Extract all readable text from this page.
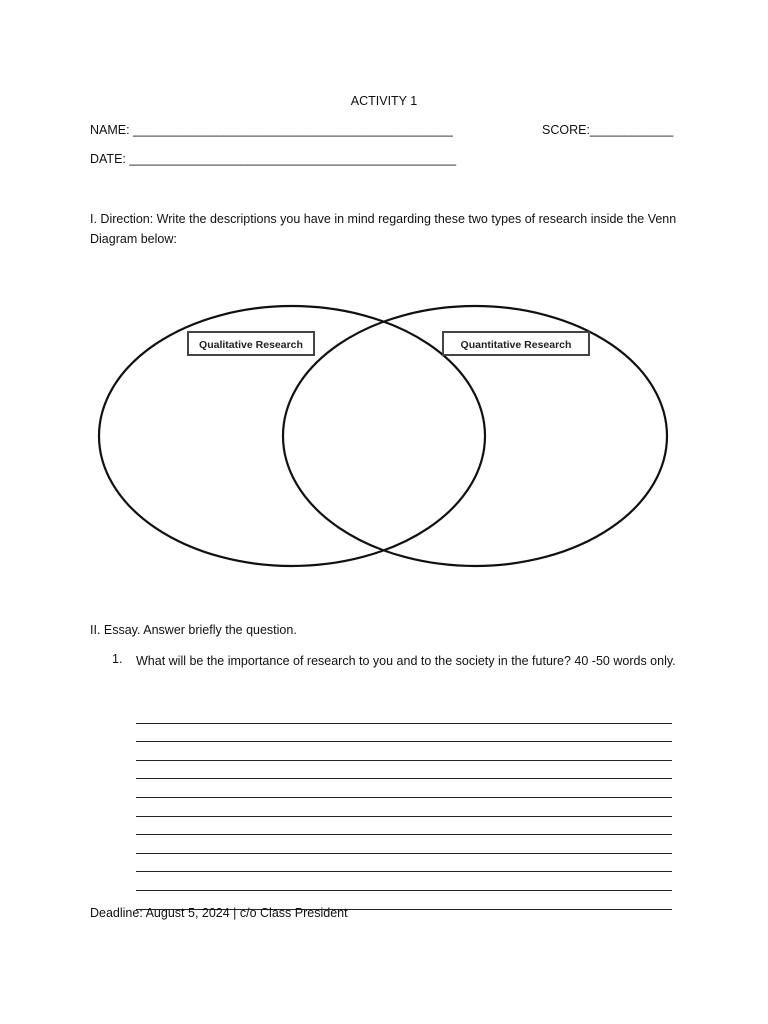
ACTIVITY 1
NAME: ______________________________________________	SCORE:____________
DATE: _______________________________________________
I. Direction: Write the descriptions you have in mind regarding these two types of research inside the Venn Diagram below:
Qualitative Research	Quantitative Research
II. Essay. Answer briefly the question.
1. What will be the importance of research to you and to the society in the future? 40 -50 words only.
Deadline: August 5, 2024 | c/o Class President
